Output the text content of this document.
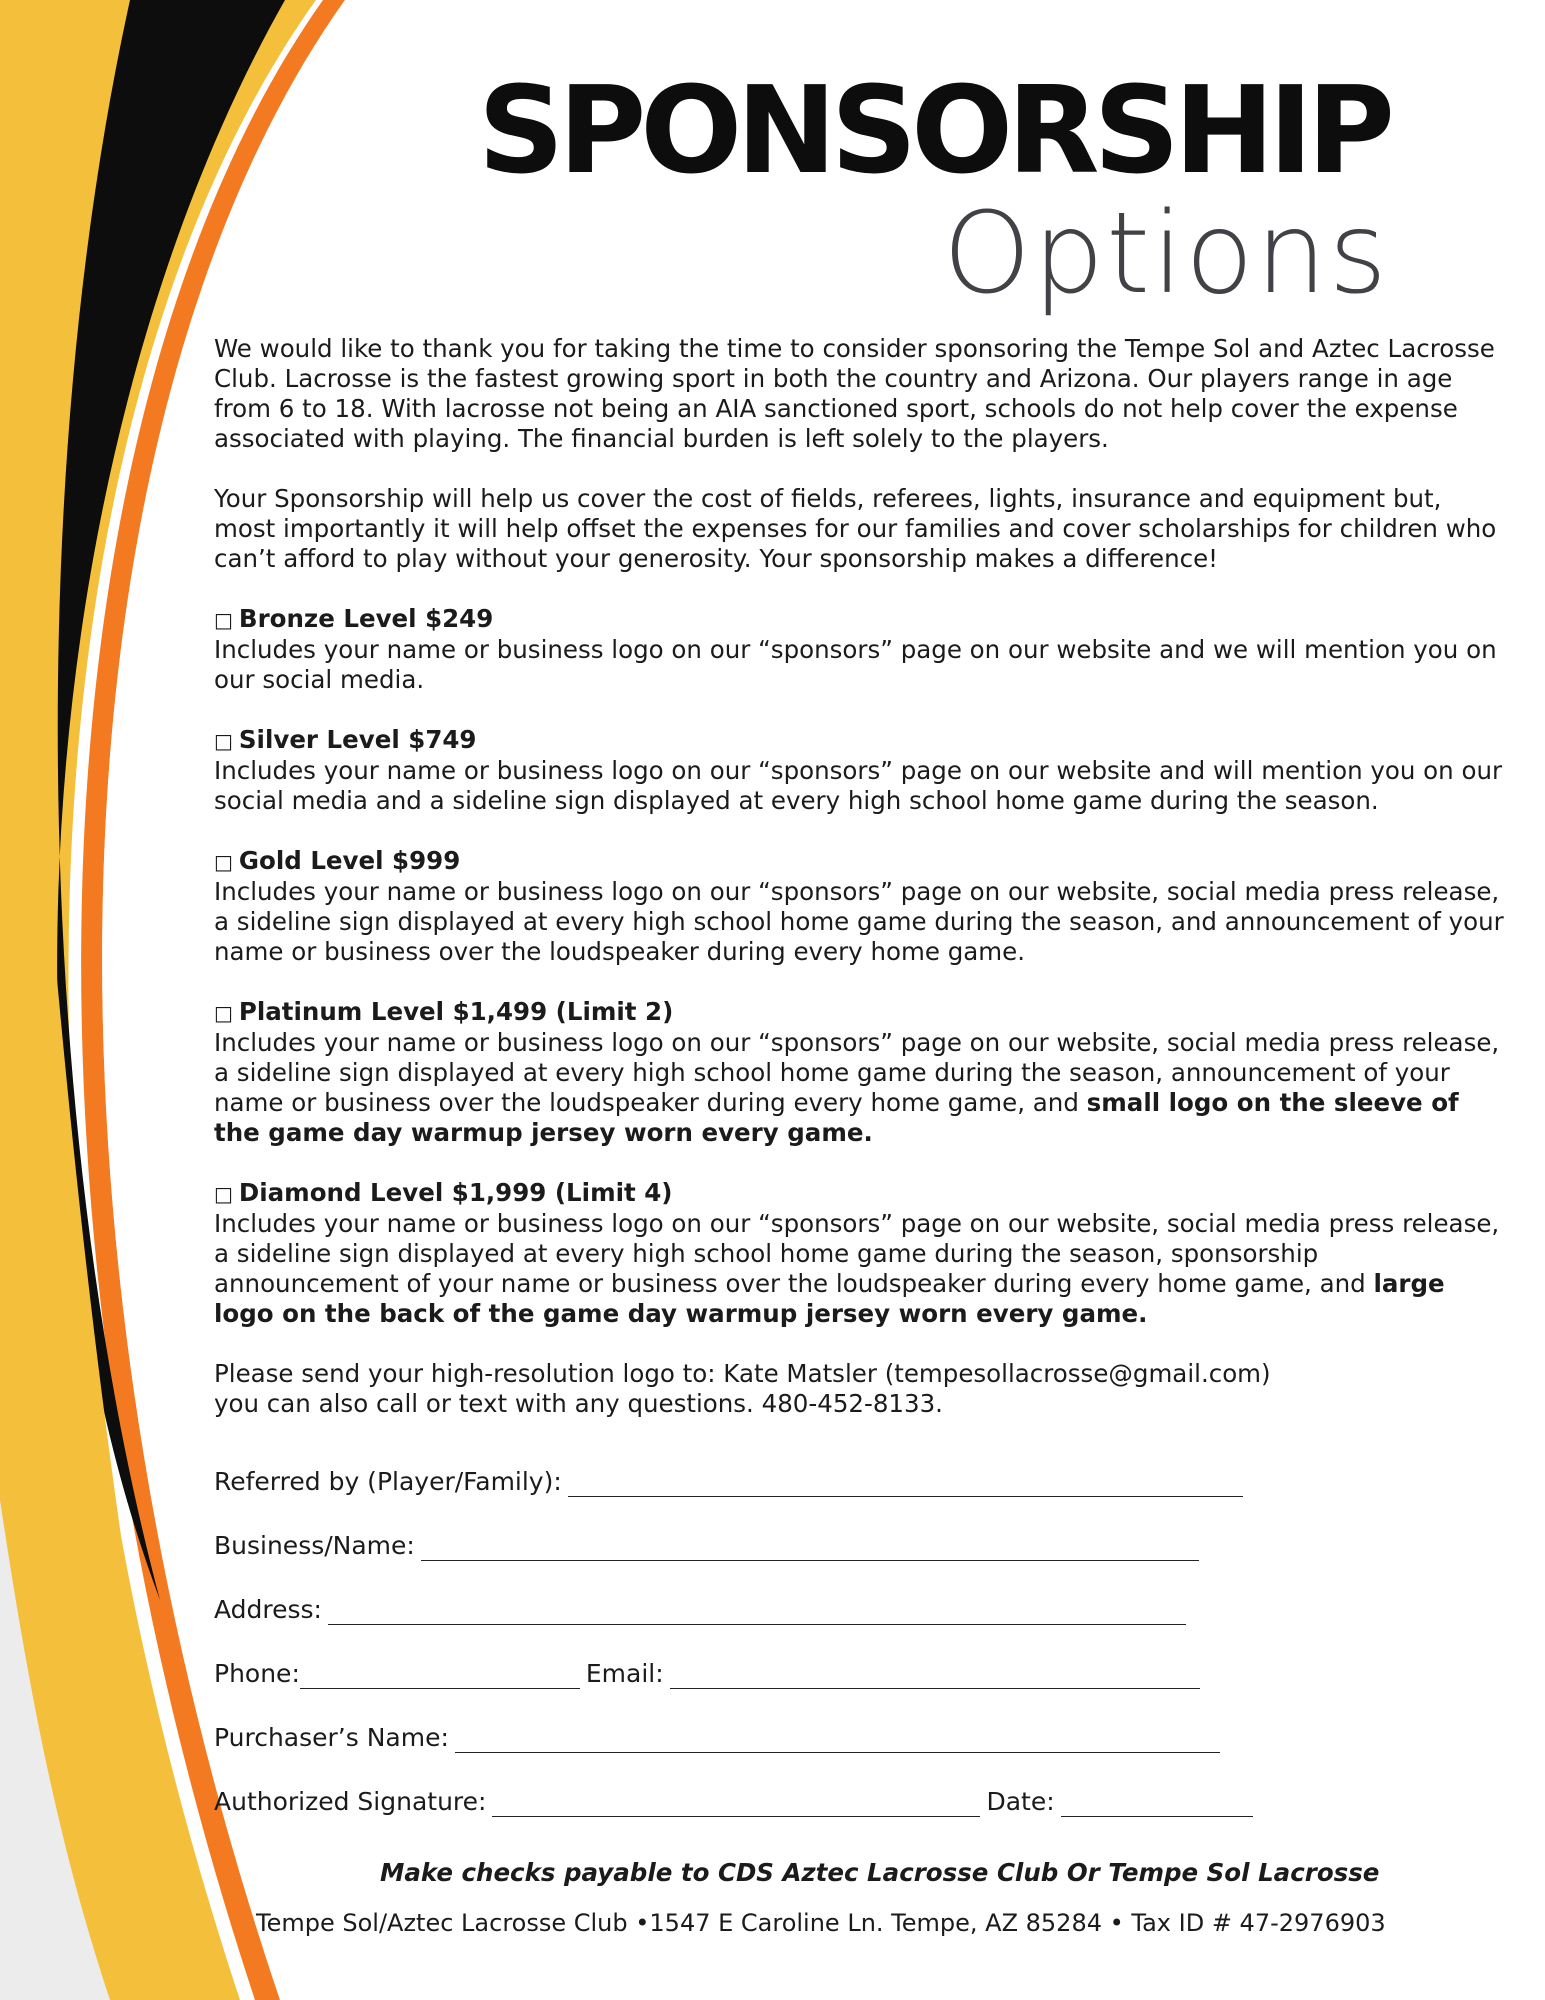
SPONSORSHIP
Options

We would like to thank you for taking the time to consider sponsoring the Tempe Sol and Aztec Lacrosse Club. Lacrosse is the fastest growing sport in both the country and Arizona. Our players range in age from 6 to 18. With lacrosse not being an AIA sanctioned sport, schools do not help cover the expense associated with playing. The financial burden is left solely to the players.

Your Sponsorship will help us cover the cost of fields, referees, lights, insurance and equipment but, most importantly it will help offset the expenses for our families and cover scholarships for children who can’t afford to play without your generosity. Your sponsorship makes a difference!

□ Bronze Level $249

Includes your name or business logo on our “sponsors” page on our website and we will mention you on our social media.

□ Silver Level $749

Includes your name or business logo on our “sponsors” page on our website and will mention you on our social media and a sideline sign displayed at every high school home game during the season.

□ Gold Level $999

Includes your name or business logo on our “sponsors” page on our website, social media press release, a sideline sign displayed at every high school home game during the season, and announcement of your name or business over the loudspeaker during every home game.

□ Platinum Level $1,499 (Limit 2)

Includes your name or business logo on our “sponsors” page on our website, social media press release, a sideline sign displayed at every high school home game during the season, announcement of your name or business over the loudspeaker during every home game, and small logo on the sleeve of the game day warmup jersey worn every game.

□ Diamond Level $1,999 (Limit 4)

Includes your name or business logo on our “sponsors” page on our website, social media press release, a sideline sign displayed at every high school home game during the season, sponsorship announcement of your name or business over the loudspeaker during every home game, and large logo on the back of the game day warmup jersey worn every game.

Please send your high-resolution logo to: Kate Matsler (tempesollacrosse@gmail.com)

you can also call or text with any questions. 480-452-8133.

Referred by (Player/Family):
Business/Name:
Address:
Phone:	Email:
Purchaser’s Name:
Authorized Signature:	Date:

Make checks payable to CDS Aztec Lacrosse Club Or Tempe Sol Lacrosse

Tempe Sol/Aztec Lacrosse Club •1547 E Caroline Ln. Tempe, AZ 85284 • Tax ID # 47-2976903
